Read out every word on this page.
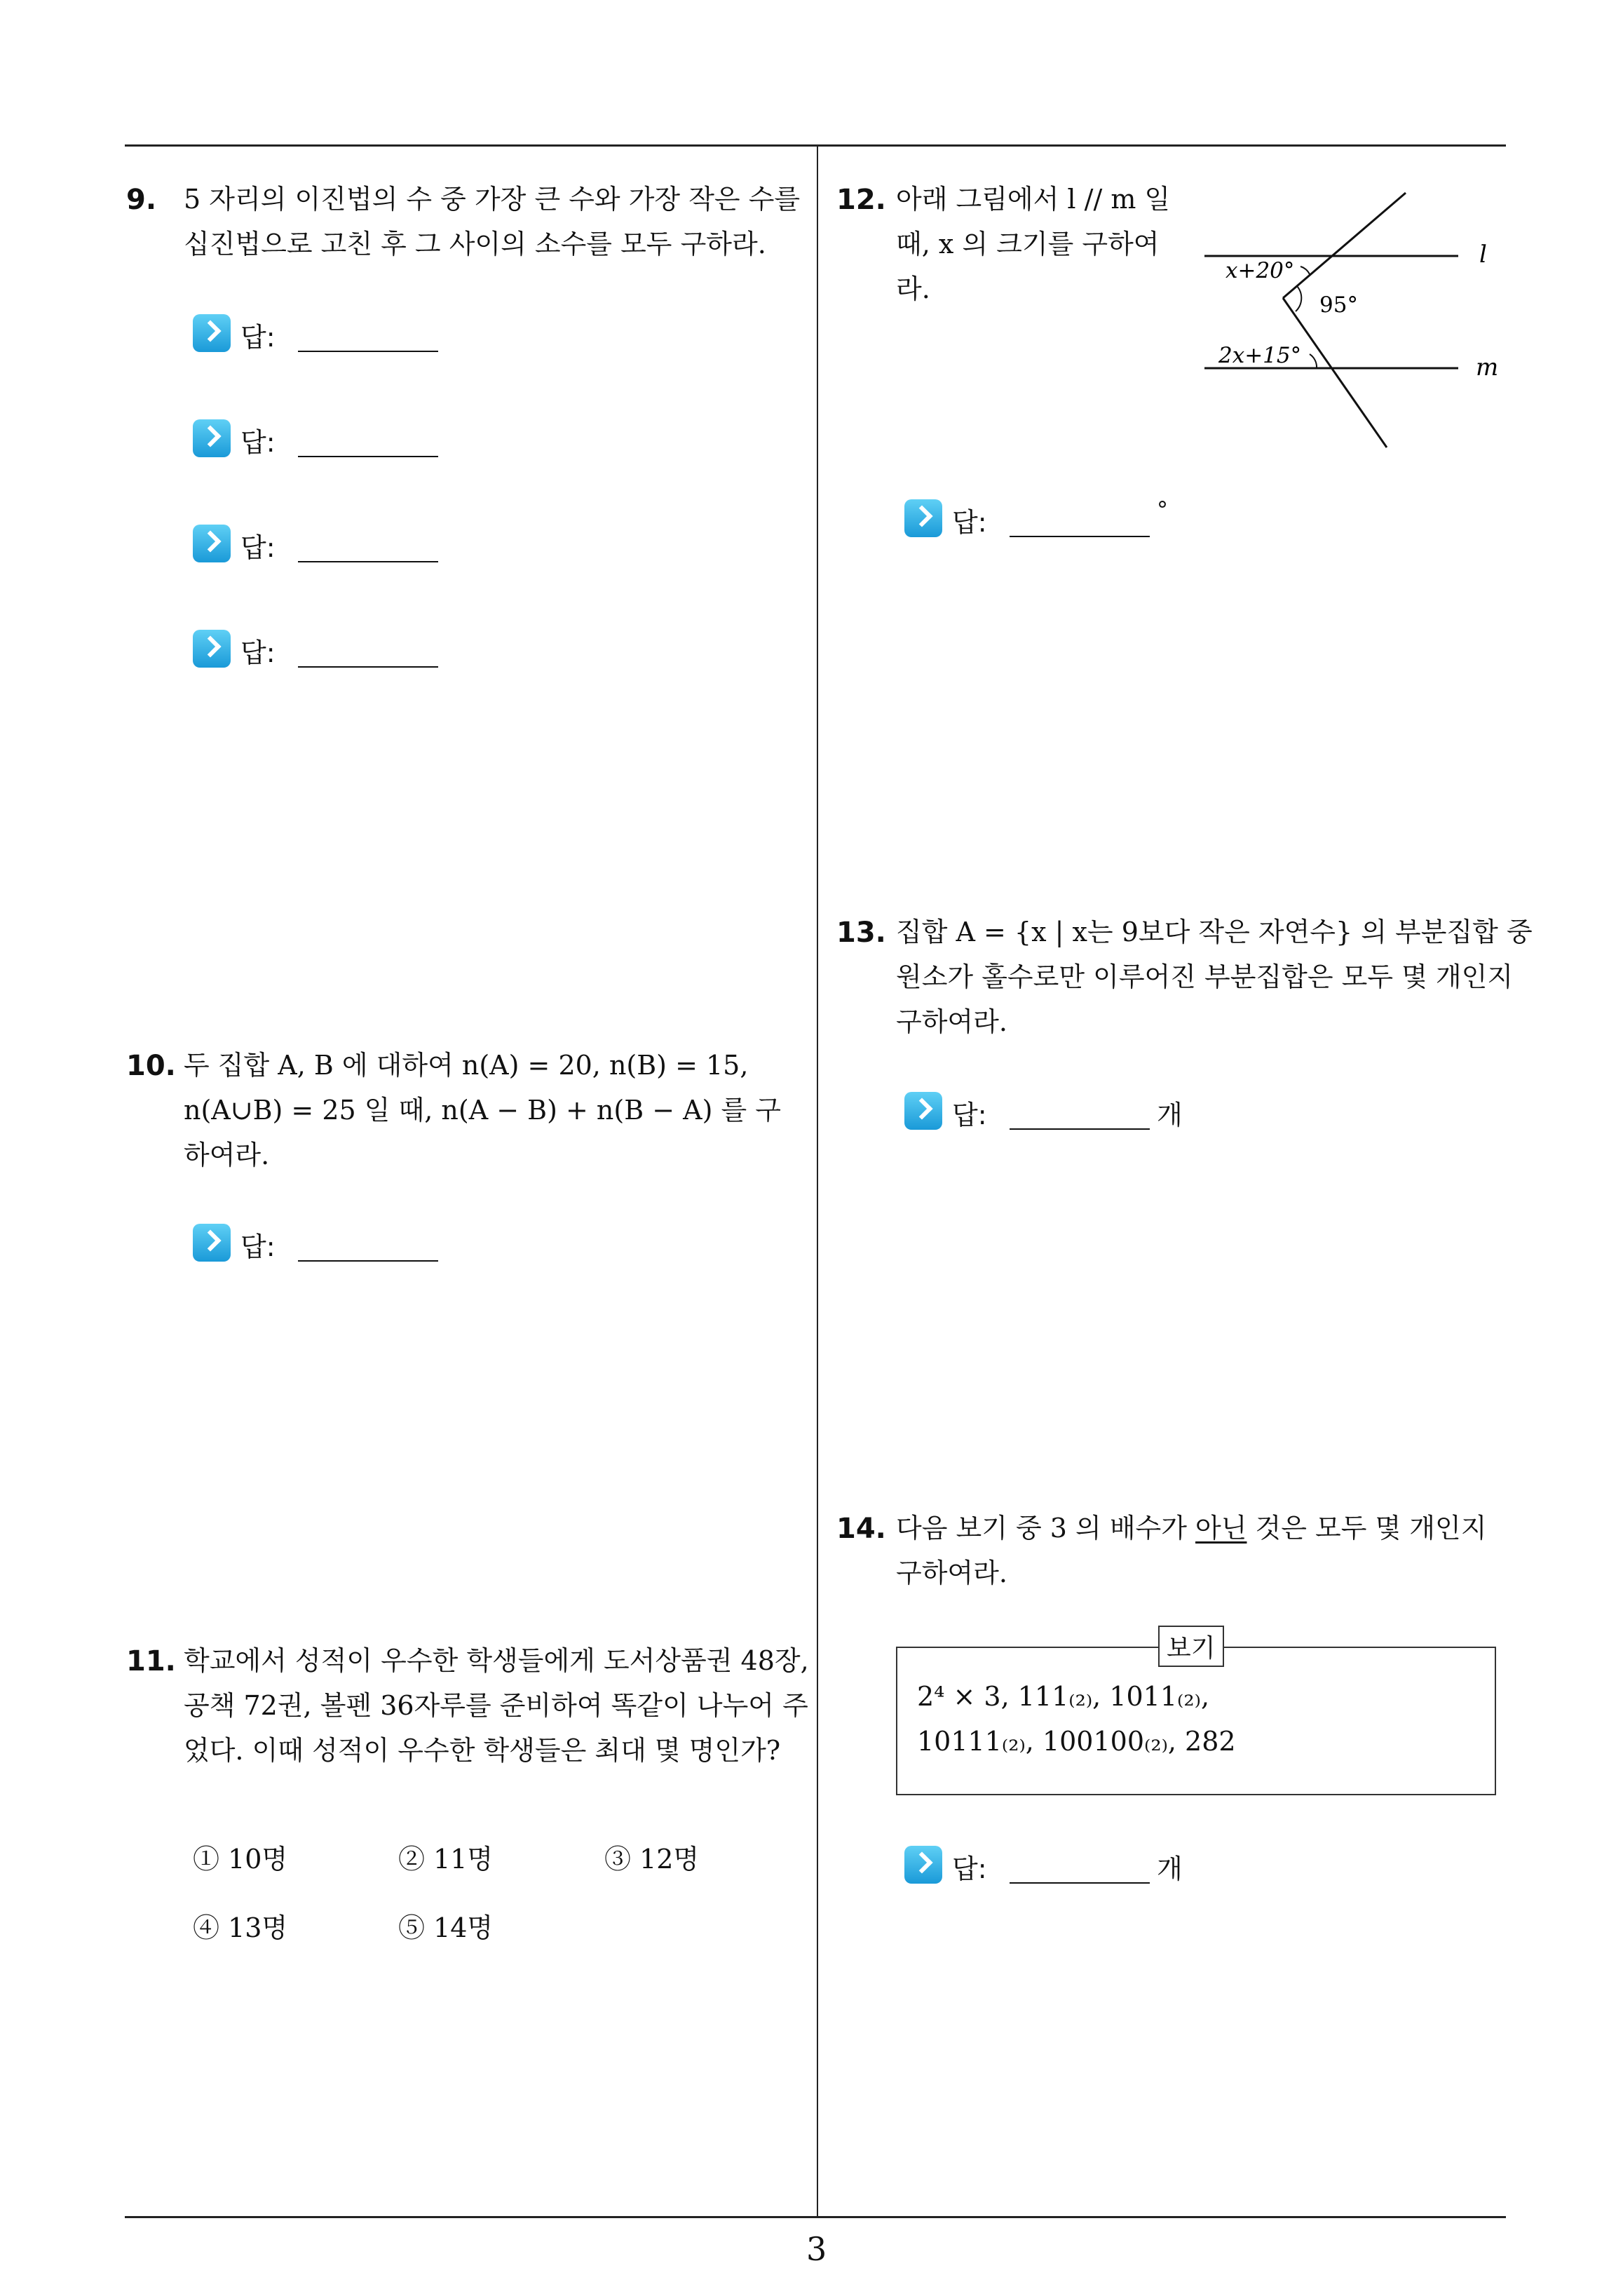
3
9. 5 자리의 이진법의 수 중 가장 큰 수와 가장 작은 수를
십진법으로 고친 후 그 사이의 소수를 모두 구하라.
답:
답:
답:
답:
10. 두 집합 A, B 에 대하여 n(A) = 20, n(B) = 15,
n(A∪B) = 25 일 때, n(A − B) + n(B − A) 를 구
하여라.
답:
11. 학교에서 성적이 우수한 학생들에게 도서상품권 48장,
공책 72권, 볼펜 36자루를 준비하여 똑같이 나누어 주
었다. 이때 성적이 우수한 학생들은 최대 몇 명인가?
① 10명	② 11명	③ 12명
④ 13명	⑤ 14명
12. 아래 그림에서 l // m 일
때, x 의 크기를 구하여
라.
x+20°
95°
2x+15°
l
m
답:	°
13. 집합 A = {x | x는 9보다 작은 자연수} 의 부분집합 중
원소가 홀수로만 이루어진 부분집합은 모두 몇 개인지
구하여라.
답:	개
14. 다음 보기 중 3 의 배수가 아닌 것은 모두 몇 개인지
구하여라.
보기
2⁴ × 3, 111₍₂₎, 1011₍₂₎,
10111₍₂₎, 100100₍₂₎, 282
답:	개
